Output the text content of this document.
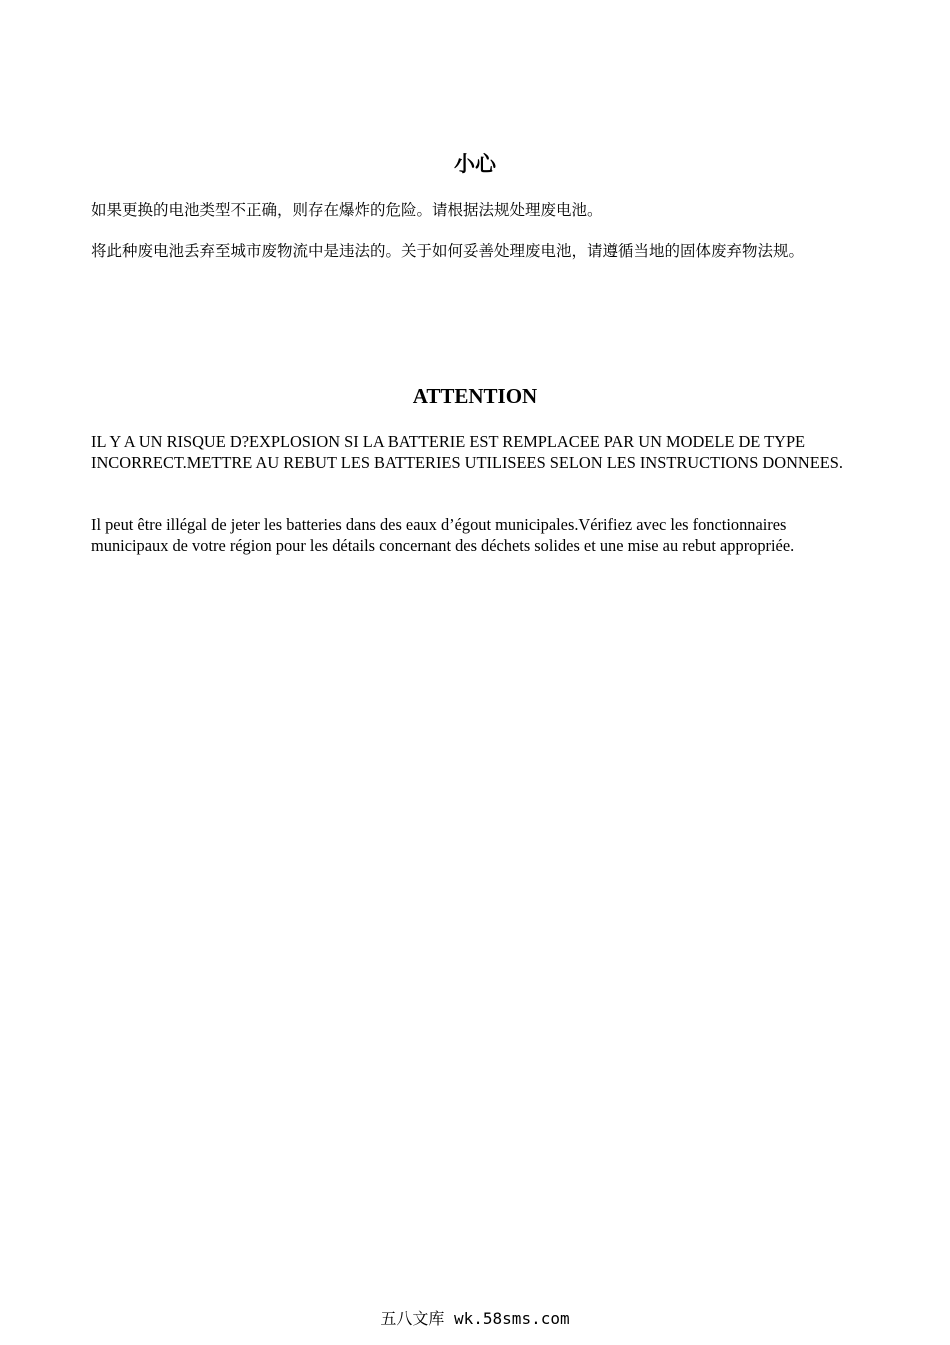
小心

如果更换的电池类型不正确，则存在爆炸的危险。请根据法规处理废电池。

将此种废电池丢弃至城市废物流中是违法的。关于如何妥善处理废电池，请遵循当地的固体废弃物法规。

ATTENTION

IL Y A UN RISQUE D?EXPLOSION SI LA BATTERIE EST REMPLACEE PAR UN MODELE DE TYPE INCORRECT.METTRE AU REBUT LES BATTERIES UTILISEES SELON LES INSTRUCTIONS DONNEES.

Il peut être illégal de jeter les batteries dans des eaux d’égout municipales.Vérifiez avec les fonctionnaires municipaux de votre région pour les détails concernant des déchets solides et une mise au rebut appropriée.

五八文库 wk.58sms.com
